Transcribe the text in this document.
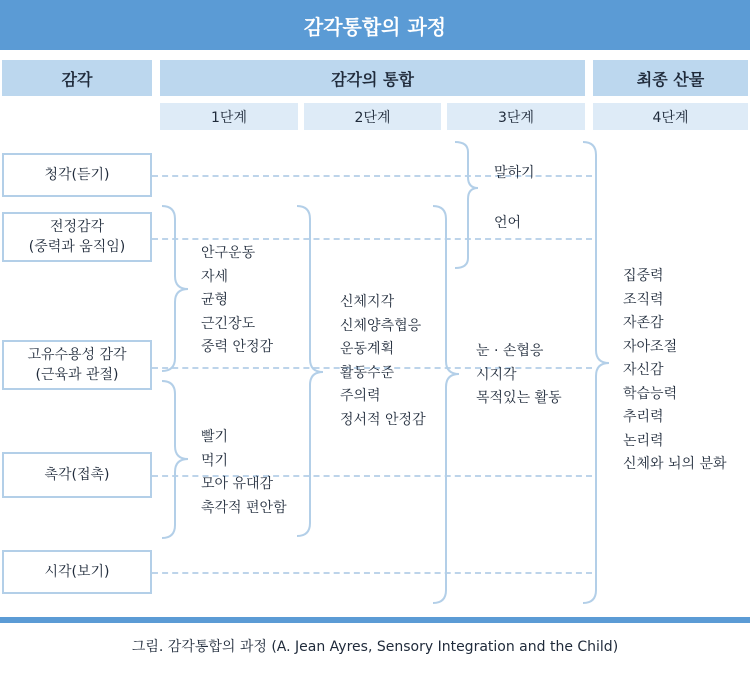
감각통합의 과정
감각	감각의 통합	최종 산물
1단계	2단계	3단계	4단계
청각(듣기)
전정감각
(중력과 움직임)
고유수용성 감각
(근육과 관절)
촉각(접촉)
시각(보기)
안구운동
자세
균형
근긴장도
중력 안정감
빨기
먹기
모아 유대감
촉각적 편안함
신체지각
신체양측협응
운동계획
활동수준
주의력
정서적 안정감
말하기
언어
눈 · 손협응
시지각
목적있는 활동
집중력
조직력
자존감
자아조절
자신감
학습능력
추리력
논리력
신체와 뇌의 분화
그림. 감각통합의 과정 (A. Jean Ayres, Sensory Integration and the Child)
